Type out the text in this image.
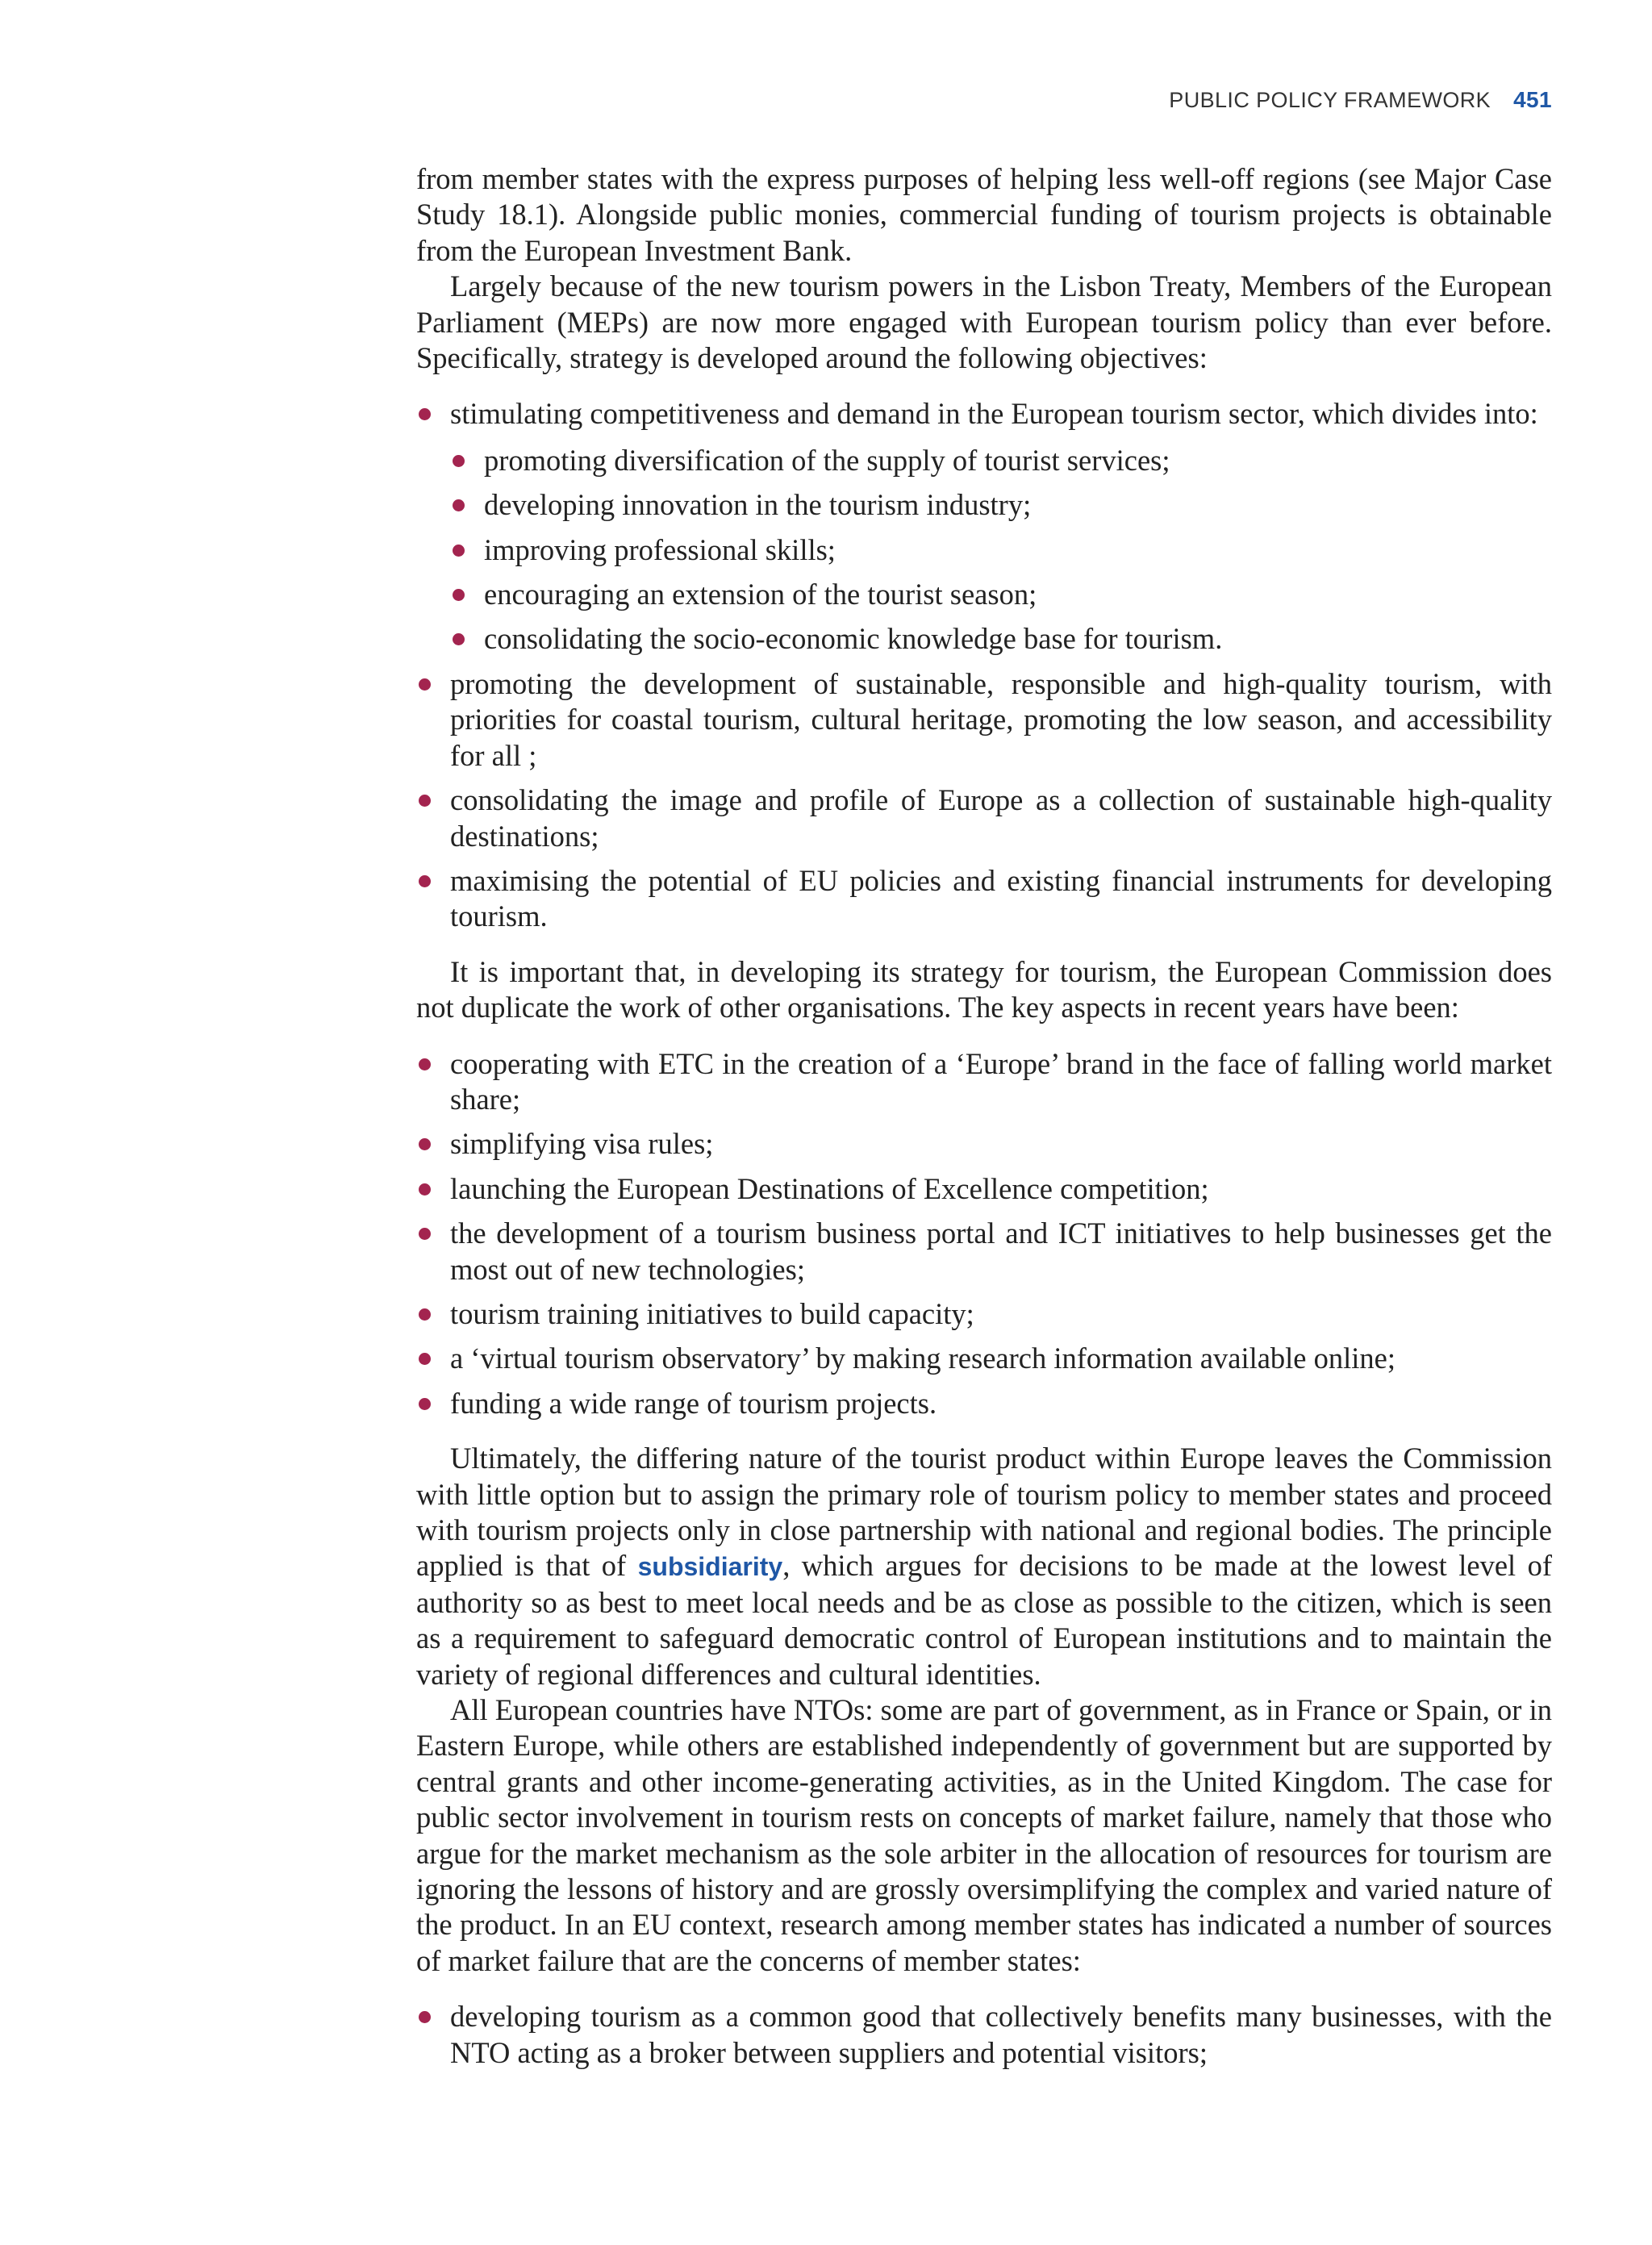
PUBLIC POLICY FRAMEWORK 451

from member states with the express purposes of helping less well-off regions (see Major Case Study 18.1). Alongside public monies, commercial funding of tourism projects is obtainable from the European Investment Bank.

Largely because of the new tourism powers in the Lisbon Treaty, Members of the European Parliament (MEPs) are now more engaged with European tourism policy than ever before. Specifically, strategy is developed around the following objectives:

stimulating competitiveness and demand in the European tourism sector, which divides into:
promoting diversification of the supply of tourist services;
developing innovation in the tourism industry;
improving professional skills;
encouraging an extension of the tourist season;
consolidating the socio-economic knowledge base for tourism.
promoting the development of sustainable, responsible and high-quality tourism, with priorities for coastal tourism, cultural heritage, promoting the low season, and accessibility for all ;
consolidating the image and profile of Europe as a collection of sustainable high-quality destinations;
maximising the potential of EU policies and existing financial instruments for developing tourism.

It is important that, in developing its strategy for tourism, the European Commission does not duplicate the work of other organisations. The key aspects in recent years have been:

cooperating with ETC in the creation of a ‘Europe’ brand in the face of falling world market share;
simplifying visa rules;
launching the European Destinations of Excellence competition;
the development of a tourism business portal and ICT initiatives to help businesses get the most out of new technologies;
tourism training initiatives to build capacity;
a ‘virtual tourism observatory’ by making research information available online;
funding a wide range of tourism projects.

Ultimately, the differing nature of the tourist product within Europe leaves the Commission with little option but to assign the primary role of tourism policy to member states and proceed with tourism projects only in close partnership with national and regional bodies. The principle applied is that of subsidiarity, which argues for decisions to be made at the lowest level of authority so as best to meet local needs and be as close as possible to the citizen, which is seen as a requirement to safeguard democratic control of European institutions and to maintain the variety of regional differences and cultural identities.

All European countries have NTOs: some are part of government, as in France or Spain, or in Eastern Europe, while others are established independently of government but are supported by central grants and other income-generating activities, as in the United Kingdom. The case for public sector involvement in tourism rests on concepts of market failure, namely that those who argue for the market mechanism as the sole arbiter in the allocation of resources for tourism are ignoring the lessons of history and are grossly oversimplifying the complex and varied nature of the product. In an EU context, research among member states has indicated a number of sources of market failure that are the concerns of member states:

developing tourism as a common good that collectively benefits many businesses, with the NTO acting as a broker between suppliers and potential visitors;
